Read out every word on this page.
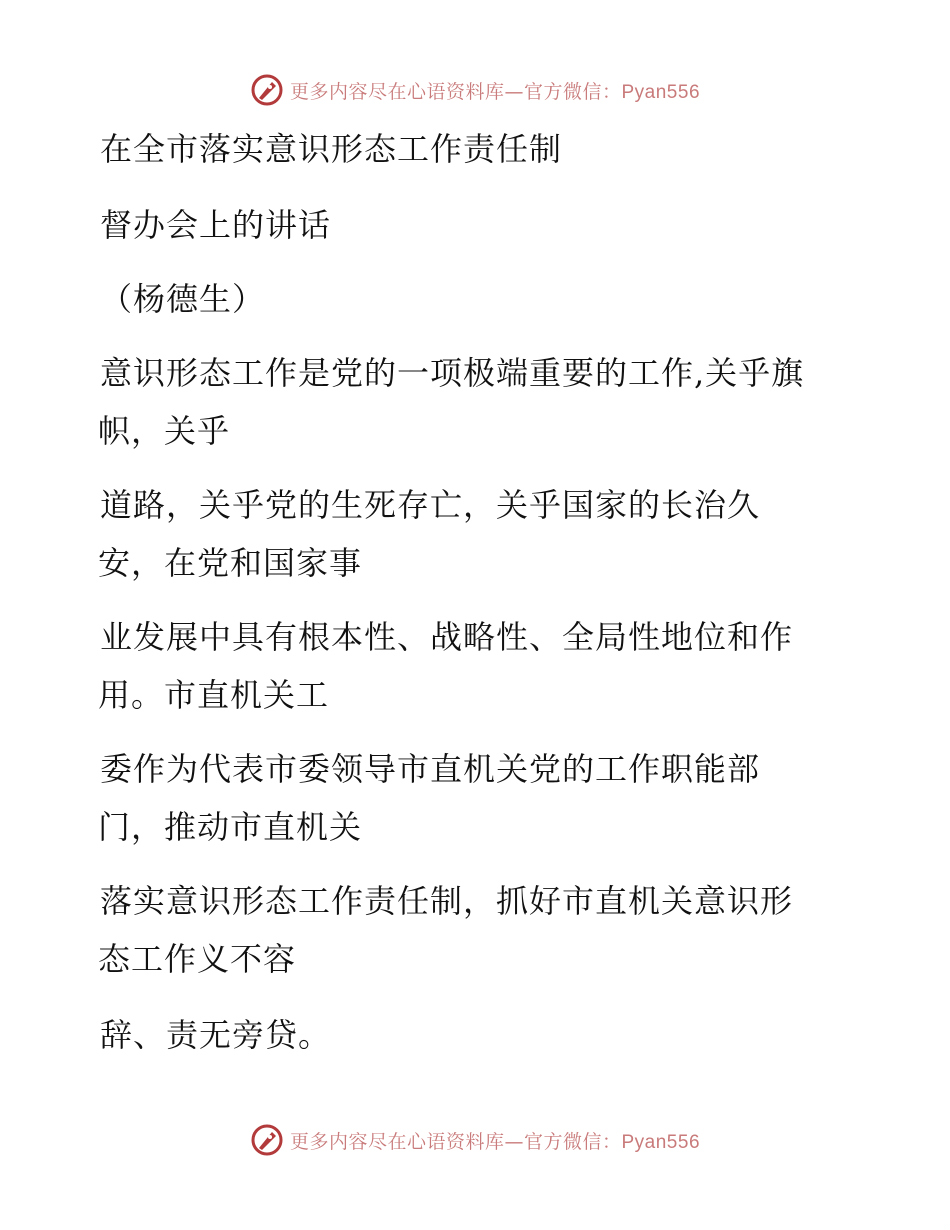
更多内容尽在心语资料库—官方微信：Pyan556
在全市落实意识形态工作责任制
督办会上的讲话
（杨德生）
意识形态工作是党的一项极端重要的工作,关乎旗
帜，关乎
道路，关乎党的生死存亡，关乎国家的长治久
安，在党和国家事
业发展中具有根本性、战略性、全局性地位和作
用。市直机关工
委作为代表市委领导市直机关党的工作职能部
门，推动市直机关
落实意识形态工作责任制，抓好市直机关意识形
态工作义不容
辞、责无旁贷。
更多内容尽在心语资料库—官方微信：Pyan556
